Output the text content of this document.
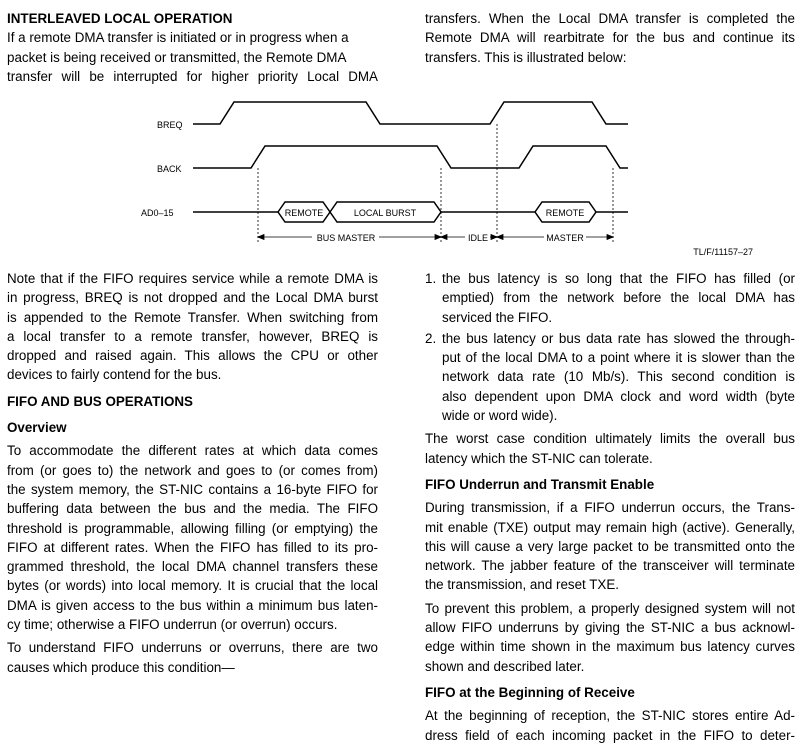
INTERLEAVED LOCAL OPERATION
If a remote DMA transfer is initiated or in progress when a
packet is being received or transmitted, the Remote DMA
transfer will be interrupted for higher priority Local DMA
transfers. When the Local DMA transfer is completed the
Remote DMA will rearbitrate for the bus and continue its
transfers. This is illustrated below:
BREQ
BACK
AD0–15	REMOTE	LOCAL BURST	REMOTE
BUS MASTER	IDLE	MASTER
TL/F/11157–27
Note that if the FIFO requires service while a remote DMA is
in progress, BREQ is not dropped and the Local DMA burst
is appended to the Remote Transfer. When switching from
a local transfer to a remote transfer, however, BREQ is
dropped and raised again. This allows the CPU or other
devices to fairly contend for the bus.
FIFO AND BUS OPERATIONS
Overview
To accommodate the different rates at which data comes
from (or goes to) the network and goes to (or comes from)
the system memory, the ST-NIC contains a 16-byte FIFO for
buffering data between the bus and the media. The FIFO
threshold is programmable, allowing filling (or emptying) the
FIFO at different rates. When the FIFO has filled to its pro-
grammed threshold, the local DMA channel transfers these
bytes (or words) into local memory. It is crucial that the local
DMA is given access to the bus within a minimum bus laten-
cy time; otherwise a FIFO underrun (or overrun) occurs.
To understand FIFO underruns or overruns, there are two
causes which produce this condition—
1. the bus latency is so long that the FIFO has filled (or
emptied) from the network before the local DMA has
serviced the FIFO.
2. the bus latency or bus data rate has slowed the through-
put of the local DMA to a point where it is slower than the
network data rate (10 Mb/s). This second condition is
also dependent upon DMA clock and word width (byte
wide or word wide).
The worst case condition ultimately limits the overall bus
latency which the ST-NIC can tolerate.
FIFO Underrun and Transmit Enable
During transmission, if a FIFO underrun occurs, the Trans-
mit enable (TXE) output may remain high (active). Generally,
this will cause a very large packet to be transmitted onto the
network. The jabber feature of the transceiver will terminate
the transmission, and reset TXE.
To prevent this problem, a properly designed system will not
allow FIFO underruns by giving the ST-NIC a bus acknowl-
edge within time shown in the maximum bus latency curves
shown and described later.
FIFO at the Beginning of Receive
At the beginning of reception, the ST-NIC stores entire Ad-
dress field of each incoming packet in the FIFO to deter-
